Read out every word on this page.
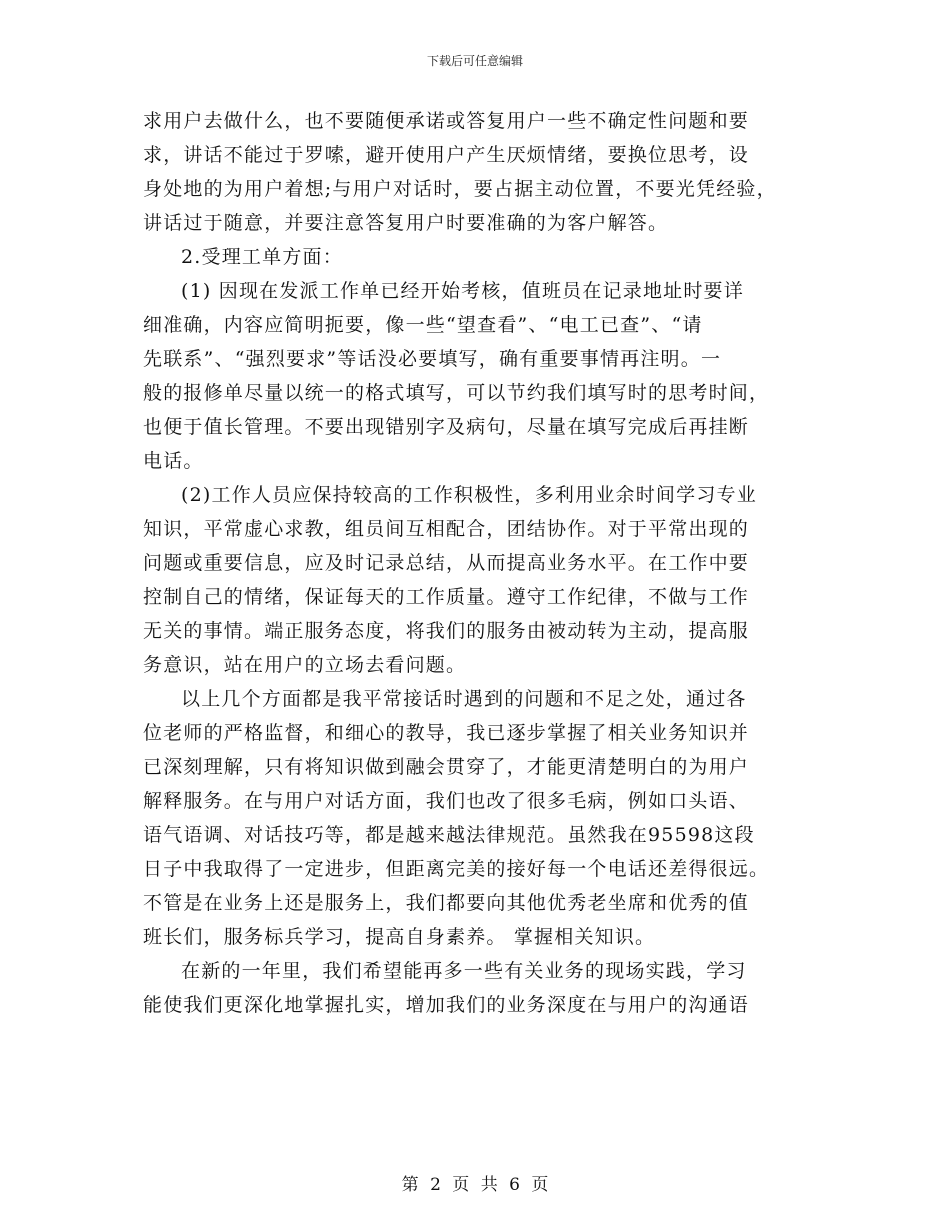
下载后可任意编辑
求用户去做什么，也不要随便承诺或答复用户一些不确定性问题和要
求，讲话不能过于罗嗦，避开使用户产生厌烦情绪，要换位思考，设
身处地的为用户着想;与用户对话时，要占据主动位置，不要光凭经验，
讲话过于随意，并要注意答复用户时要准确的为客户解答。
2.受理工单方面：
(1) 因现在发派工作单已经开始考核，值班员在记录地址时要详
细准确，内容应简明扼要，像一些“望查看”、“电工已查”、“请
先联系”、“强烈要求”等话没必要填写，确有重要事情再注明。一
般的报修单尽量以统一的格式填写，可以节约我们填写时的思考时间，
也便于值长管理。不要出现错别字及病句，尽量在填写完成后再挂断
电话。
(2)工作人员应保持较高的工作积极性，多利用业余时间学习专业
知识，平常虚心求教，组员间互相配合，团结协作。对于平常出现的
问题或重要信息，应及时记录总结，从而提高业务水平。在工作中要
控制自己的情绪，保证每天的工作质量。遵守工作纪律，不做与工作
无关的事情。端正服务态度，将我们的服务由被动转为主动，提高服
务意识，站在用户的立场去看问题。
以上几个方面都是我平常接话时遇到的问题和不足之处，通过各
位老师的严格监督，和细心的教导，我已逐步掌握了相关业务知识并
已深刻理解，只有将知识做到融会贯穿了，才能更清楚明白的为用户
解释服务。在与用户对话方面，我们也改了很多毛病，例如口头语、
语气语调、对话技巧等，都是越来越法律规范。虽然我在95598这段
日子中我取得了一定进步，但距离完美的接好每一个电话还差得很远。
不管是在业务上还是服务上，我们都要向其他优秀老坐席和优秀的值
班长们，服务标兵学习，提高自身素养。 掌握相关知识。
在新的一年里，我们希望能再多一些有关业务的现场实践，学习
能使我们更深化地掌握扎实，增加我们的业务深度在与用户的沟通语
第 2 页 共 6 页
